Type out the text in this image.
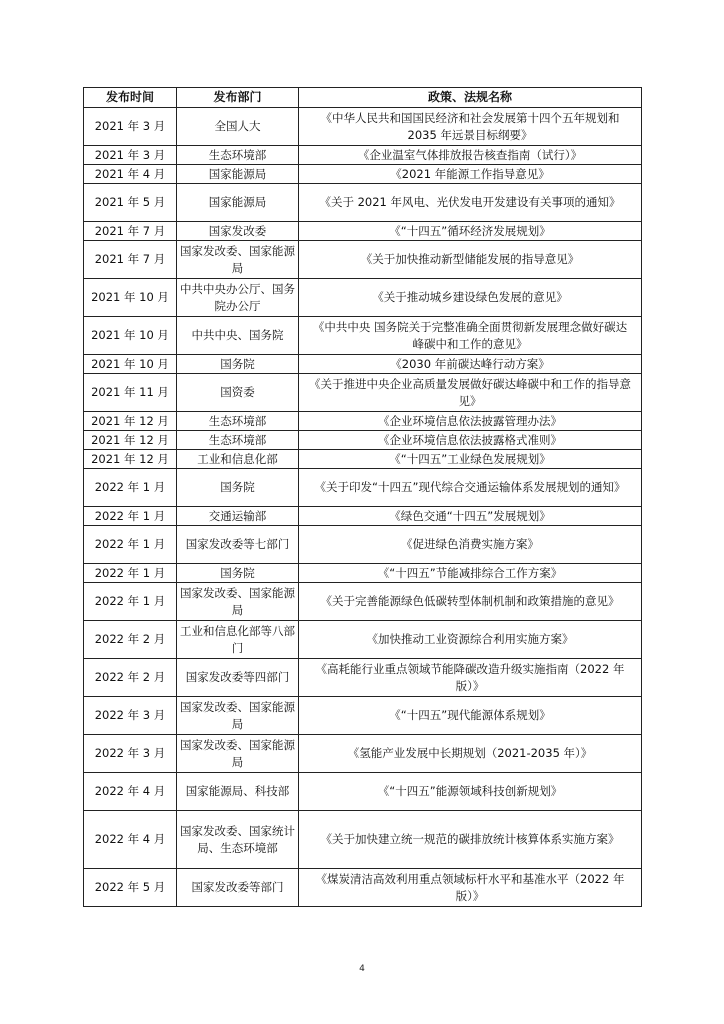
发布时间	发布部门	政策、法规名称
2021 年 3 月	全国人大	《中华人民共和国国民经济和社会发展第十四个五年规划和 2035 年远景目标纲要》
2021 年 3 月	生态环境部	《企业温室气体排放报告核查指南（试行）》
2021 年 4 月	国家能源局	《2021 年能源工作指导意见》
2021 年 5 月	国家能源局	《关于 2021 年风电、光伏发电开发建设有关事项的通知》
2021 年 7 月	国家发改委	《“十四五”循环经济发展规划》
2021 年 7 月	国家发改委、国家能源局	《关于加快推动新型储能发展的指导意见》
2021 年 10 月	中共中央办公厅、国务院办公厅	《关于推动城乡建设绿色发展的意见》
2021 年 10 月	中共中央、国务院	《中共中央 国务院关于完整准确全面贯彻新发展理念做好碳达峰碳中和工作的意见》
2021 年 10 月	国务院	《2030 年前碳达峰行动方案》
2021 年 11 月	国资委	《关于推进中央企业高质量发展做好碳达峰碳中和工作的指导意见》
2021 年 12 月	生态环境部	《企业环境信息依法披露管理办法》
2021 年 12 月	生态环境部	《企业环境信息依法披露格式准则》
2021 年 12 月	工业和信息化部	《“十四五”工业绿色发展规划》
2022 年 1 月	国务院	《关于印发“十四五”现代综合交通运输体系发展规划的通知》
2022 年 1 月	交通运输部	《绿色交通“十四五”发展规划》
2022 年 1 月	国家发改委等七部门	《促进绿色消费实施方案》
2022 年 1 月	国务院	《“十四五”节能减排综合工作方案》
2022 年 1 月	国家发改委、国家能源局	《关于完善能源绿色低碳转型体制机制和政策措施的意见》
2022 年 2 月	工业和信息化部等八部门	《加快推动工业资源综合利用实施方案》
2022 年 2 月	国家发改委等四部门	《高耗能行业重点领域节能降碳改造升级实施指南（2022 年版）》
2022 年 3 月	国家发改委、国家能源局	《“十四五”现代能源体系规划》
2022 年 3 月	国家发改委、国家能源局	《氢能产业发展中长期规划（2021-2035 年）》
2022 年 4 月	国家能源局、科技部	《“十四五”能源领域科技创新规划》
2022 年 4 月	国家发改委、国家统计局、生态环境部	《关于加快建立统一规范的碳排放统计核算体系实施方案》
2022 年 5 月	国家发改委等部门	《煤炭清洁高效利用重点领域标杆水平和基准水平（2022 年版）》
4
